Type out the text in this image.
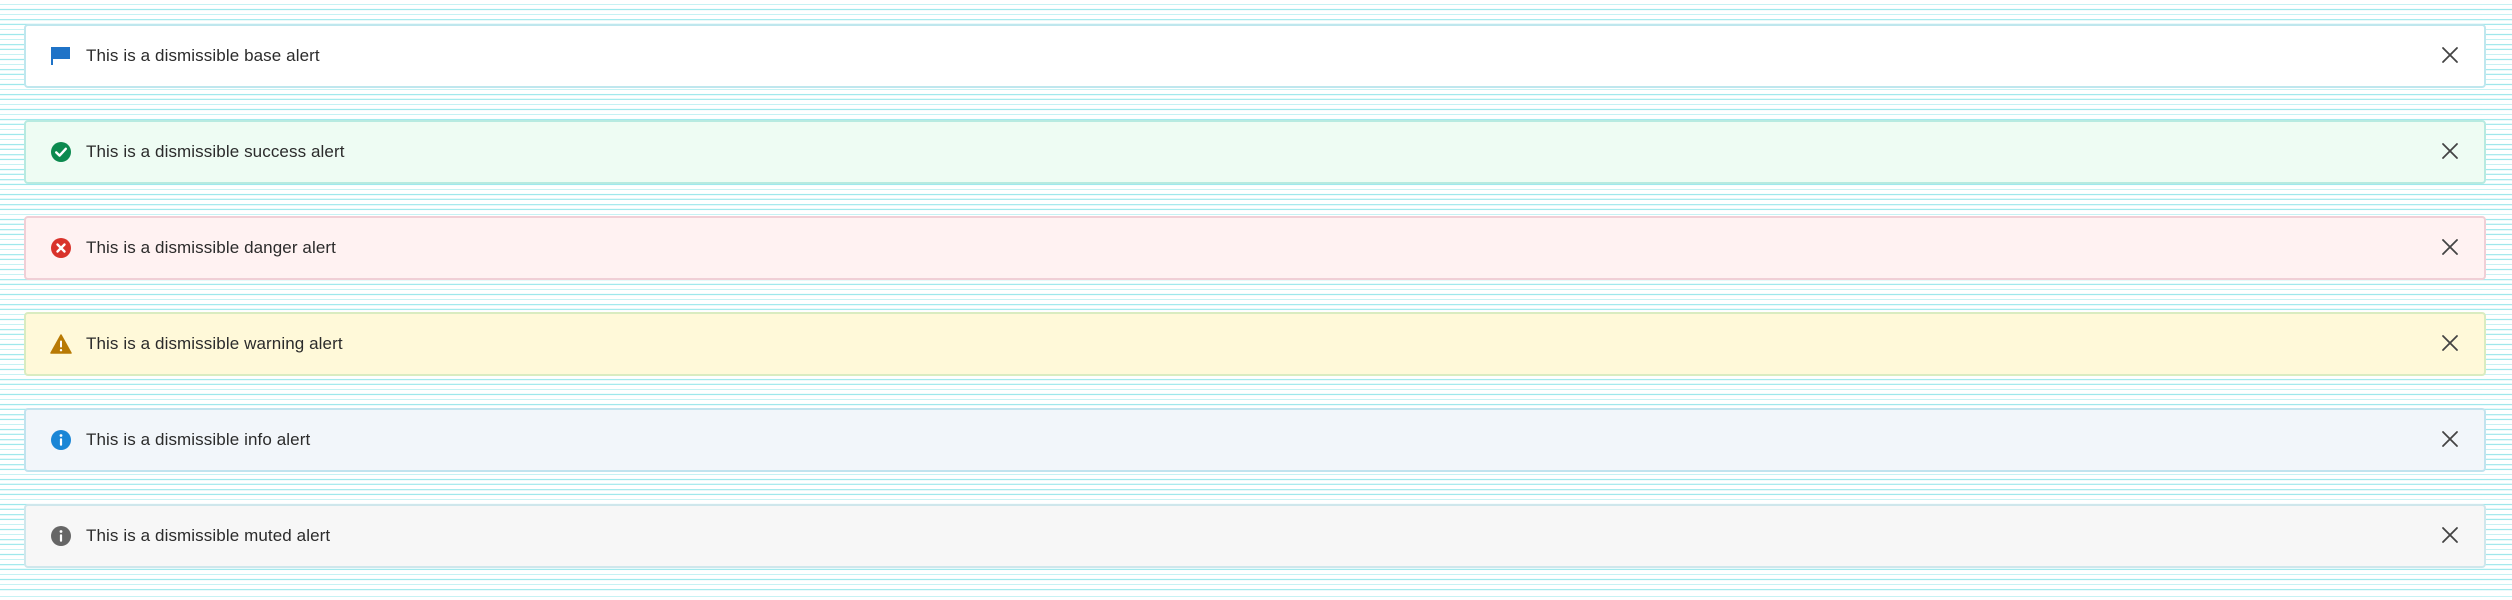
This is a dismissible base alert
This is a dismissible success alert
This is a dismissible danger alert
This is a dismissible warning alert
This is a dismissible info alert
This is a dismissible muted alert
